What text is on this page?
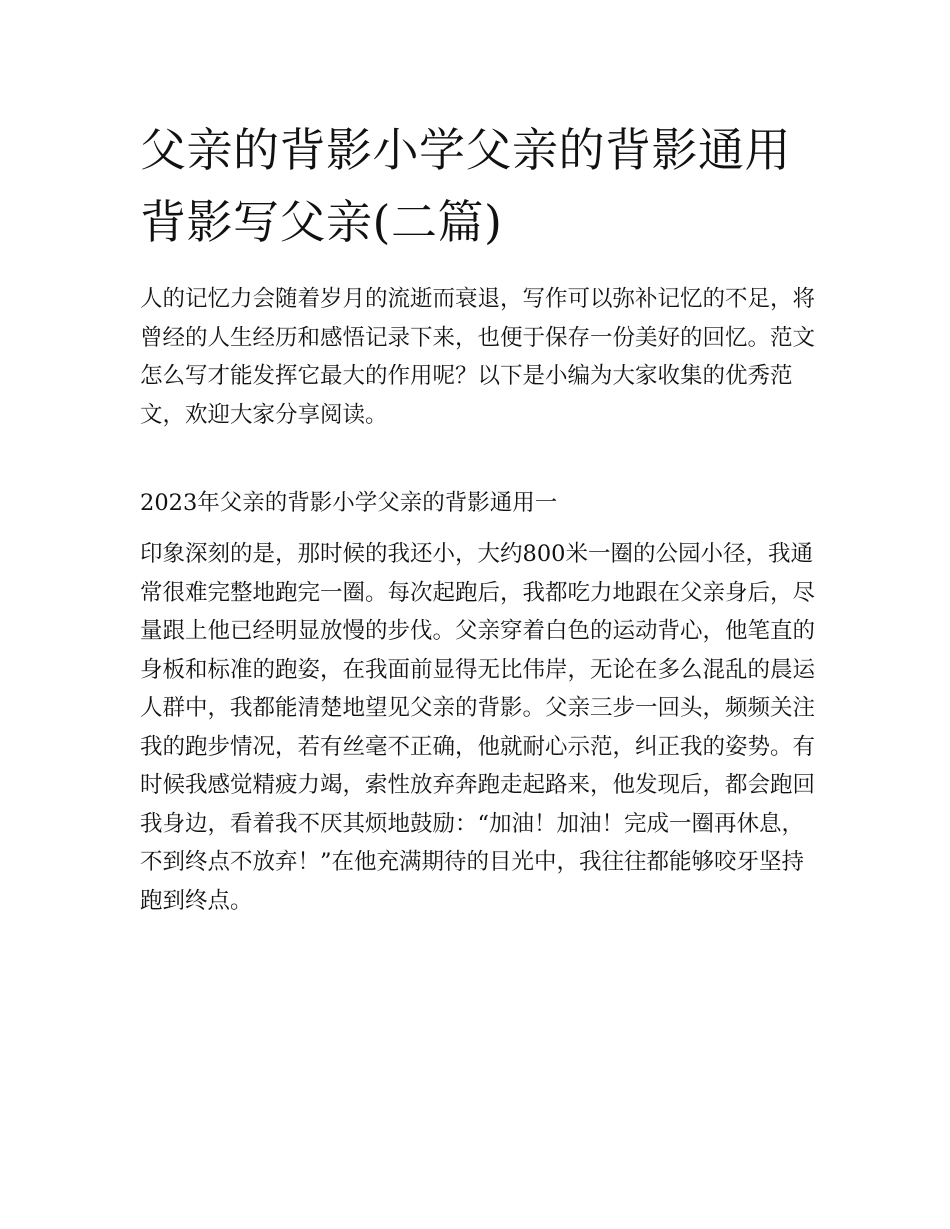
父亲的背影小学父亲的背影通用 背影写父亲(二篇)

人的记忆力会随着岁月的流逝而衰退，写作可以弥补记忆的不足，将曾经的人生经历和感悟记录下来，也便于保存一份美好的回忆。范文怎么写才能发挥它最大的作用呢？以下是小编为大家收集的优秀范文，欢迎大家分享阅读。

2023年父亲的背影小学父亲的背影通用一

印象深刻的是，那时候的我还小，大约800米一圈的公园小径，我通常很难完整地跑完一圈。每次起跑后，我都吃力地跟在父亲身后，尽量跟上他已经明显放慢的步伐。父亲穿着白色的运动背心，他笔直的身板和标准的跑姿，在我面前显得无比伟岸，无论在多么混乱的晨运人群中，我都能清楚地望见父亲的背影。父亲三步一回头，频频关注我的跑步情况，若有丝毫不正确，他就耐心示范，纠正我的姿势。有时候我感觉精疲力竭，索性放弃奔跑走起路来，他发现后，都会跑回我身边，看着我不厌其烦地鼓励：“加油！加油！完成一圈再休息，不到终点不放弃！”在他充满期待的目光中，我往往都能够咬牙坚持跑到终点。
